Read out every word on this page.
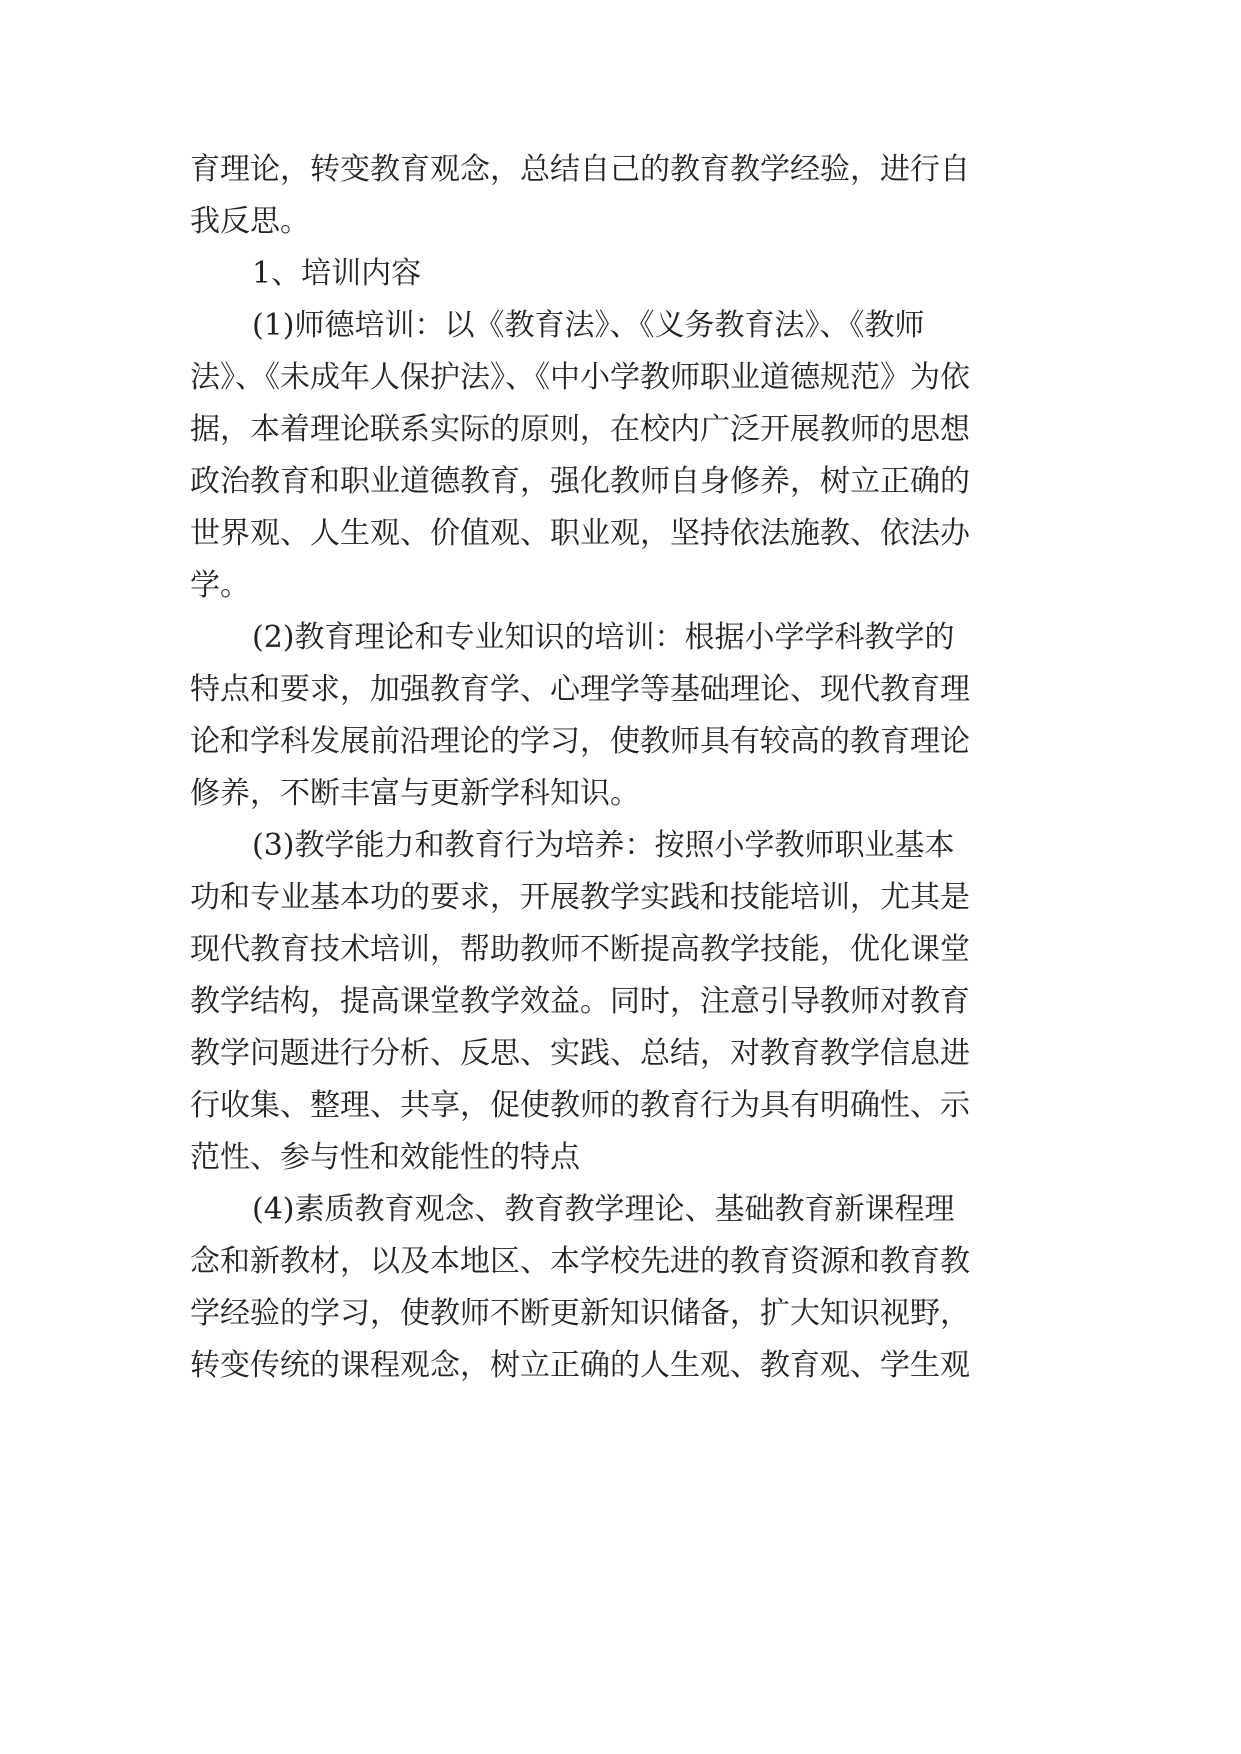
育理论，转变教育观念，总结自己的教育教学经验，进行自
我反思。
1、培训内容
(1)师德培训：以《教育法》、《义务教育法》、《教师
法》、《未成年人保护法》、《中小学教师职业道德规范》为依
据，本着理论联系实际的原则，在校内广泛开展教师的思想
政治教育和职业道德教育，强化教师自身修养，树立正确的
世界观、人生观、价值观、职业观，坚持依法施教、依法办
学。
(2)教育理论和专业知识的培训：根据小学学科教学的
特点和要求，加强教育学、心理学等基础理论、现代教育理
论和学科发展前沿理论的学习，使教师具有较高的教育理论
修养，不断丰富与更新学科知识。
(3)教学能力和教育行为培养：按照小学教师职业基本
功和专业基本功的要求，开展教学实践和技能培训，尤其是
现代教育技术培训，帮助教师不断提高教学技能，优化课堂
教学结构，提高课堂教学效益。同时，注意引导教师对教育
教学问题进行分析、反思、实践、总结，对教育教学信息进
行收集、整理、共享，促使教师的教育行为具有明确性、示
范性、参与性和效能性的特点
(4)素质教育观念、教育教学理论、基础教育新课程理
念和新教材，以及本地区、本学校先进的教育资源和教育教
学经验的学习，使教师不断更新知识储备，扩大知识视野，
转变传统的课程观念，树立正确的人生观、教育观、学生观
